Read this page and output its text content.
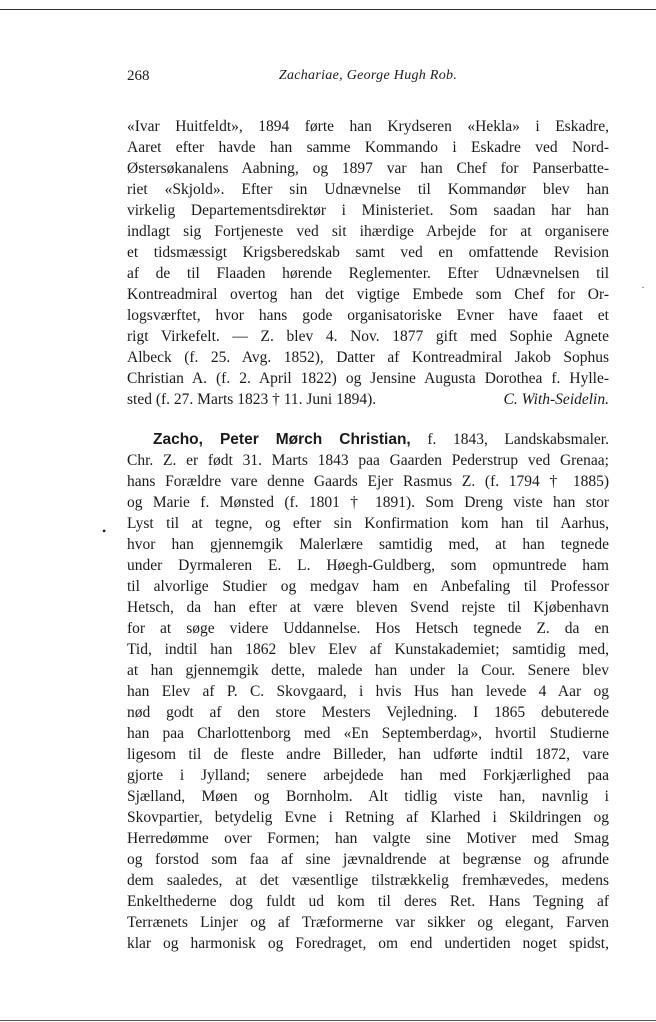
268	Zachariae, George Hugh Rob.
«Ivar Huitfeldt», 1894 førte han Krydseren «Hekla» i Eskadre,
Aaret efter havde han samme Kommando i Eskadre ved Nord-
Østersøkanalens Aabning, og 1897 var han Chef for Panserbatte-
riet «Skjold». Efter sin Udnævnelse til Kommandør blev han
virkelig Departementsdirektør i Ministeriet. Som saadan har han
indlagt sig Fortjeneste ved sit ihærdige Arbejde for at organisere
et tidsmæssigt Krigsberedskab samt ved en omfattende Revision
af de til Flaaden hørende Reglementer. Efter Udnævnelsen til
Kontreadmiral overtog han det vigtige Embede som Chef for Or-
logsværftet, hvor hans gode organisatoriske Evner have faaet et
rigt Virkefelt. — Z. blev 4. Nov. 1877 gift med Sophie Agnete
Albeck (f. 25. Avg. 1852), Datter af Kontreadmiral Jakob Sophus
Christian A. (f. 2. April 1822) og Jensine Augusta Dorothea f. Hylle-
sted (f. 27. Marts 1823 † 11. Juni 1894).	C. With-Seidelin.
Zacho, Peter Mørch Christian, f. 1843, Landskabsmaler.
Chr. Z. er født 31. Marts 1843 paa Gaarden Pederstrup ved Grenaa;
hans Forældre vare denne Gaards Ejer Rasmus Z. (f. 1794 † 1885)
og Marie f. Mønsted (f. 1801 † 1891). Som Dreng viste han stor
Lyst til at tegne, og efter sin Konfirmation kom han til Aarhus,
hvor han gjennemgik Malerlære samtidig med, at han tegnede
under Dyrmaleren E. L. Høegh-Guldberg, som opmuntrede ham
til alvorlige Studier og medgav ham en Anbefaling til Professor
Hetsch, da han efter at være bleven Svend rejste til Kjøbenhavn
for at søge videre Uddannelse. Hos Hetsch tegnede Z. da en
Tid, indtil han 1862 blev Elev af Kunstakademiet; samtidig med,
at han gjennemgik dette, malede han under la Cour. Senere blev
han Elev af P. C. Skovgaard, i hvis Hus han levede 4 Aar og
nød godt af den store Mesters Vejledning. I 1865 debuterede
han paa Charlottenborg med «En Septemberdag», hvortil Studierne
ligesom til de fleste andre Billeder, han udførte indtil 1872, vare
gjorte i Jylland; senere arbejdede han med Forkjærlighed paa
Sjælland, Møen og Bornholm. Alt tidlig viste han, navnlig i
Skovpartier, betydelig Evne i Retning af Klarhed i Skildringen og
Herredømme over Formen; han valgte sine Motiver med Smag
og forstod som faa af sine jævnaldrende at begrænse og afrunde
dem saaledes, at det væsentlige tilstrækkelig fremhævedes, medens
Enkelthederne dog fuldt ud kom til deres Ret. Hans Tegning af
Terrænets Linjer og af Træformerne var sikker og elegant, Farven
klar og harmonisk og Foredraget, om end undertiden noget spidst,
•
·
